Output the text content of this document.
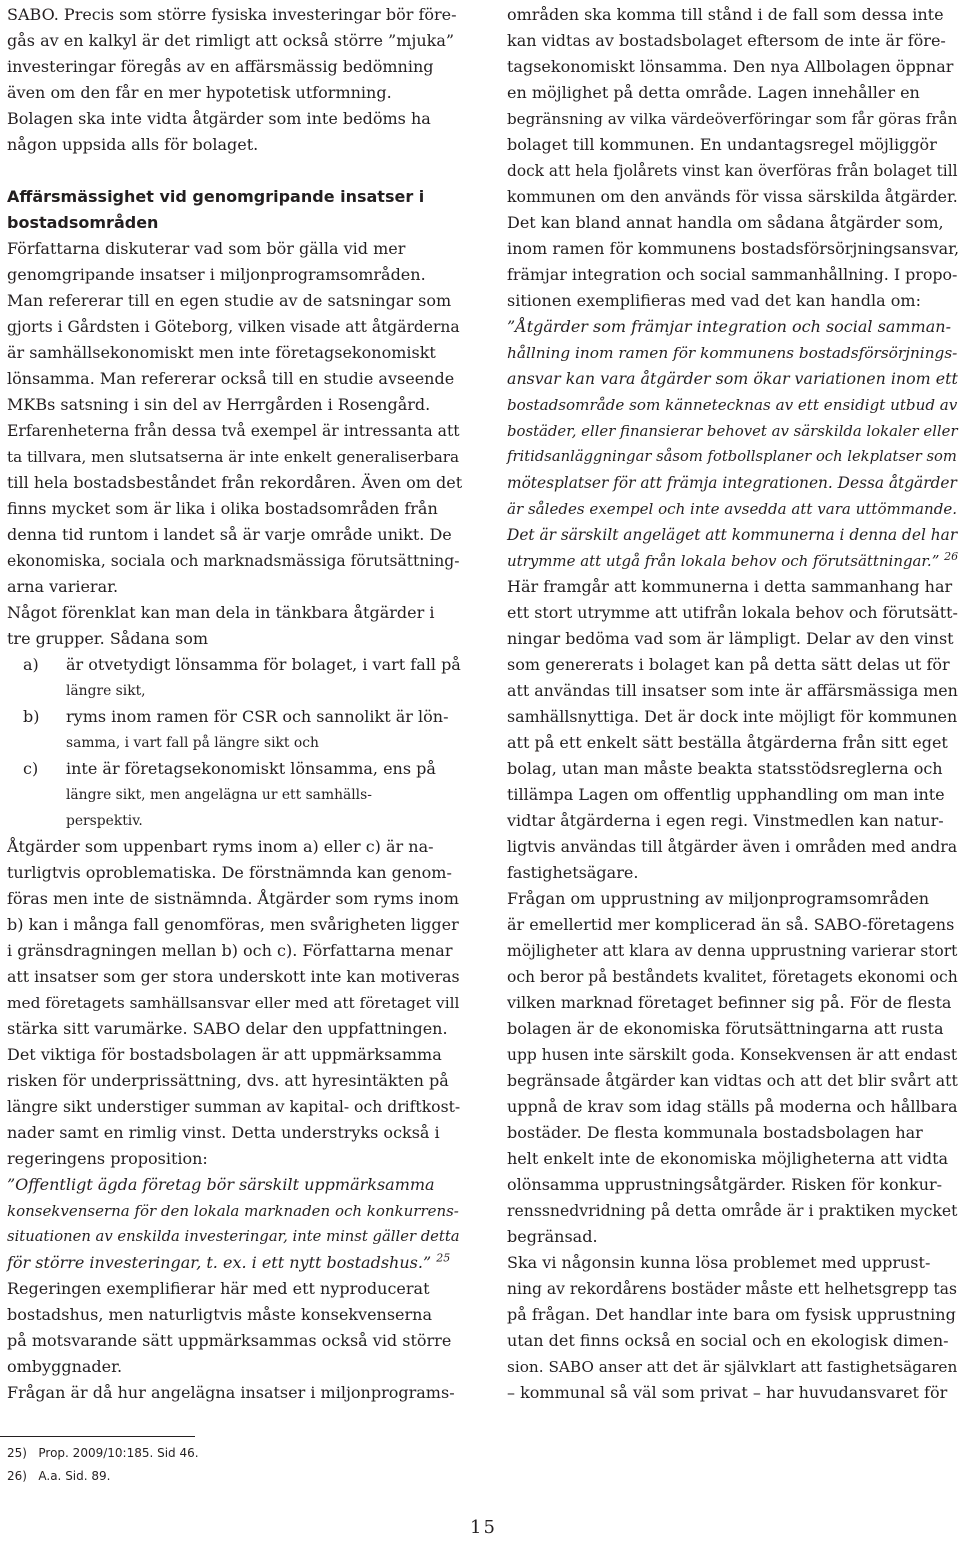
SABO. Precis som större fysiska investeringar bör före-
gås av en kalkyl är det rimligt att också större ”mjuka”
investeringar föregås av en affärsmässig bedömning
även om den får en mer hypotetisk utformning.
Bolagen ska inte vidta åtgärder som inte bedöms ha
någon uppsida alls för bolaget.
Affärsmässighet vid genomgripande insatser i
bostadsområden
Författarna diskuterar vad som bör gälla vid mer
genomgripande insatser i miljonprogramsområden.
Man refererar till en egen studie av de satsningar som
gjorts i Gårdsten i Göteborg, vilken visade att åtgärderna
är samhällsekonomiskt men inte företagsekonomiskt
lönsamma. Man refererar också till en studie avseende
MKBs satsning i sin del av Herrgården i Rosengård.
Erfarenheterna från dessa två exempel är intressanta att
ta tillvara, men slutsatserna är inte enkelt generaliserbara
till hela bostadsbeståndet från rekordåren. Även om det
finns mycket som är lika i olika bostadsområden från
denna tid runtom i landet så är varje område unikt. De
ekonomiska, sociala och marknadsmässiga förutsättning-
arna varierar.
Något förenklat kan man dela in tänkbara åtgärder i
tre grupper. Sådana som
a) är otvetydigt lönsamma för bolaget, i vart fall på
längre sikt,
b) ryms inom ramen för CSR och sannolikt är lön-
samma, i vart fall på längre sikt och
c) inte är företagsekonomiskt lönsamma, ens på
längre sikt, men angelägna ur ett samhälls-
perspektiv.
Åtgärder som uppenbart ryms inom a) eller c) är na-
turligtvis oproblematiska. De förstnämnda kan genom-
föras men inte de sistnämnda. Åtgärder som ryms inom
b) kan i många fall genomföras, men svårigheten ligger
i gränsdragningen mellan b) och c). Författarna menar
att insatser som ger stora underskott inte kan motiveras
med företagets samhällsansvar eller med att företaget vill
stärka sitt varumärke. SABO delar den uppfattningen.
Det viktiga för bostadsbolagen är att uppmärksamma
risken för underprissättning, dvs. att hyresintäkten på
längre sikt understiger summan av kapital- och driftkost-
nader samt en rimlig vinst. Detta understryks också i
regeringens proposition:
”Offentligt ägda företag bör särskilt uppmärksamma
konsekvenserna för den lokala marknaden och konkurrens-
situationen av enskilda investeringar, inte minst gäller detta
för större investeringar, t. ex. i ett nytt bostadshus.” $^{25}$
Regeringen exemplifierar här med ett nyproducerat
bostadshus, men naturligtvis måste konsekvenserna
på motsvarande sätt uppmärksammas också vid större
ombyggnader.
Frågan är då hur angelägna insatser i miljonprograms-
områden ska komma till stånd i de fall som dessa inte
kan vidtas av bostadsbolaget eftersom de inte är före-
tagsekonomiskt lönsamma. Den nya Allbolagen öppnar
en möjlighet på detta område. Lagen innehåller en
begränsning av vilka värdeöverföringar som får göras från
bolaget till kommunen. En undantagsregel möjliggör
dock att hela fjolårets vinst kan överföras från bolaget till
kommunen om den används för vissa särskilda åtgärder.
Det kan bland annat handla om sådana åtgärder som,
inom ramen för kommunens bostadsförsörjningsansvar,
främjar integration och social sammanhållning. I propo-
sitionen exemplifieras med vad det kan handla om:
”Åtgärder som främjar integration och social samman-
hållning inom ramen för kommunens bostadsförsörjnings-
ansvar kan vara åtgärder som ökar variationen inom ett
bostadsområde som kännetecknas av ett ensidigt utbud av
bostäder, eller finansierar behovet av särskilda lokaler eller
fritidsanläggningar såsom fotbollsplaner och lekplatser som
mötesplatser för att främja integrationen. Dessa åtgärder
är således exempel och inte avsedda att vara uttömmande.
Det är särskilt angeläget att kommunerna i denna del har
utrymme att utgå från lokala behov och förutsättningar.” $^{26}$
Här framgår att kommunerna i detta sammanhang har
ett stort utrymme att utifrån lokala behov och förutsätt-
ningar bedöma vad som är lämpligt. Delar av den vinst
som genererats i bolaget kan på detta sätt delas ut för
att användas till insatser som inte är affärsmässiga men
samhällsnyttiga. Det är dock inte möjligt för kommunen
att på ett enkelt sätt beställa åtgärderna från sitt eget
bolag, utan man måste beakta statsstödsreglerna och
tillämpa Lagen om offentlig upphandling om man inte
vidtar åtgärderna i egen regi. Vinstmedlen kan natur-
ligtvis användas till åtgärder även i områden med andra
fastighetsägare.
Frågan om upprustning av miljonprogramsområden
är emellertid mer komplicerad än så. SABO-företagens
möjligheter att klara av denna upprustning varierar stort
och beror på beståndets kvalitet, företagets ekonomi och
vilken marknad företaget befinner sig på. För de flesta
bolagen är de ekonomiska förutsättningarna att rusta
upp husen inte särskilt goda. Konsekvensen är att endast
begränsade åtgärder kan vidtas och att det blir svårt att
uppnå de krav som idag ställs på moderna och hållbara
bostäder. De flesta kommunala bostadsbolagen har
helt enkelt inte de ekonomiska möjligheterna att vidta
olönsamma upprustningsåtgärder. Risken för konkur-
renssnedvridning på detta område är i praktiken mycket
begränsad.
Ska vi någonsin kunna lösa problemet med upprust-
ning av rekordårens bostäder måste ett helhetsgrepp tas
på frågan. Det handlar inte bara om fysisk upprustning
utan det finns också en social och en ekologisk dimen-
sion. SABO anser att det är självklart att fastighetsägaren
– kommunal så väl som privat – har huvudansvaret för
25)   Prop. 2009/10:185. Sid 46.
26)   A.a. Sid. 89.
15
